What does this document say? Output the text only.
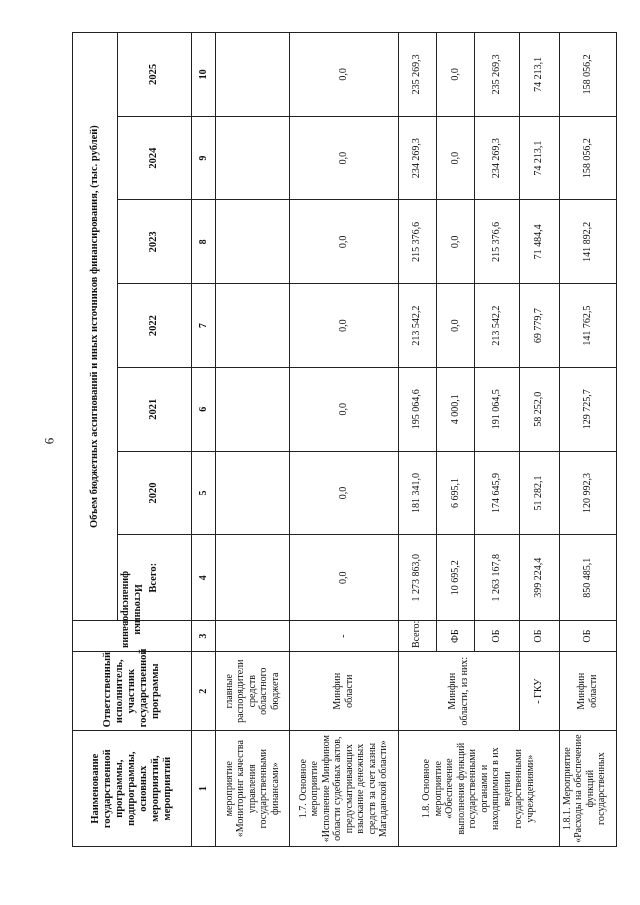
6
Наименование государственной программы, подпрограммы, основных мероприятий, мероприятий	Ответственный исполнитель, участник государственной программы	Источники финансирования	Объем бюджетных ассигнований и иных источников финансирования, (тыс. рублей)						
			Всего:	2020	2021	2022	2023	2024	2025
1	2	3	4	5	6	7	8	9	10
мероприятие «Мониторинг качества управления государственными финансами»	главные распорядители средств областного бюджета								
1.7. Основное мероприятие «Исполнение Минфином области судебных актов, предусматривающих взыскание денежных средств за счет казны Магаданской области»	Минфин области	-	0,0	0,0	0,0	0,0	0,0	0,0	0,0
1.8. Основное мероприятие «Обеспечение выполнения функций государственными органами и находящимися в их ведении государственными учреждениями»	Минфин области, из них:	Всего:	1 273 863,0	181 341,0	195 064,6	213 542,2	215 376,6	234 269,3	235 269,3
		ФБ	10 695,2	6 695,1	4 000,1	0,0	0,0	0,0	0,0
		ОБ	1 263 167,8	174 645,9	191 064,5	213 542,2	215 376,6	234 269,3	235 269,3
	- ГКУ	ОБ	399 224,4	51 282,1	58 252,0	69 779,7	71 484,4	74 213,1	74 213,1
1.8.1. Мероприятие «Расходы на обеспечение функций государственных	Минфин области	ОБ	850 485,1	120 992,3	129 725,7	141 762,5	141 892,2	158 056,2	158 056,2
